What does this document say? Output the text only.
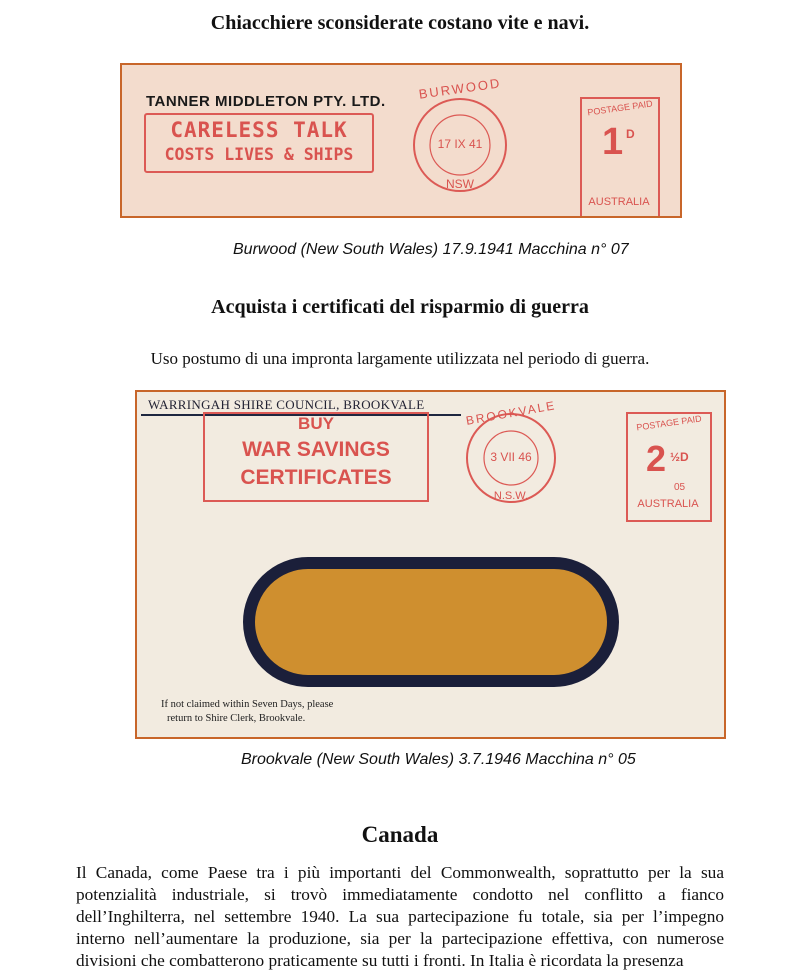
Chiacchiere sconsiderate costano vite e navi.
TANNER MIDDLETON PTY. LTD.
CARELESS TALK
COSTS LIVES & SHIPS
BURWOOD
17 IX 41
NSW
POSTAGE PAID
1 D
AUSTRALIA
Burwood (New South Wales) 17.9.1941 Macchina n° 07
Acquista i certificati del risparmio di guerra
Uso postumo di una impronta largamente utilizzata nel periodo di guerra.
WARRINGAH SHIRE COUNCIL, BROOKVALE
BUY
WAR SAVINGS
CERTIFICATES
BROOKVALE
3 VII 46
N.S.W.
POSTAGE PAID
2 ½D
05
AUSTRALIA
If not claimed within Seven Days, please
return to Shire Clerk, Brookvale.
Brookvale (New South Wales) 3.7.1946 Macchina n° 05
Canada

Il Canada, come Paese tra i più importanti del Commonwealth, soprattutto per la sua potenzialità industriale, si trovò immediatamente condotto nel conflitto a fianco dell’Inghilterra, nel settembre 1940. La sua partecipazione fu totale, sia per l’impegno interno nell’aumentare la produzione, sia per la partecipazione effettiva, con numerose divisioni che combatterono praticamente su tutti i fronti. In Italia è ricordata la presenza
